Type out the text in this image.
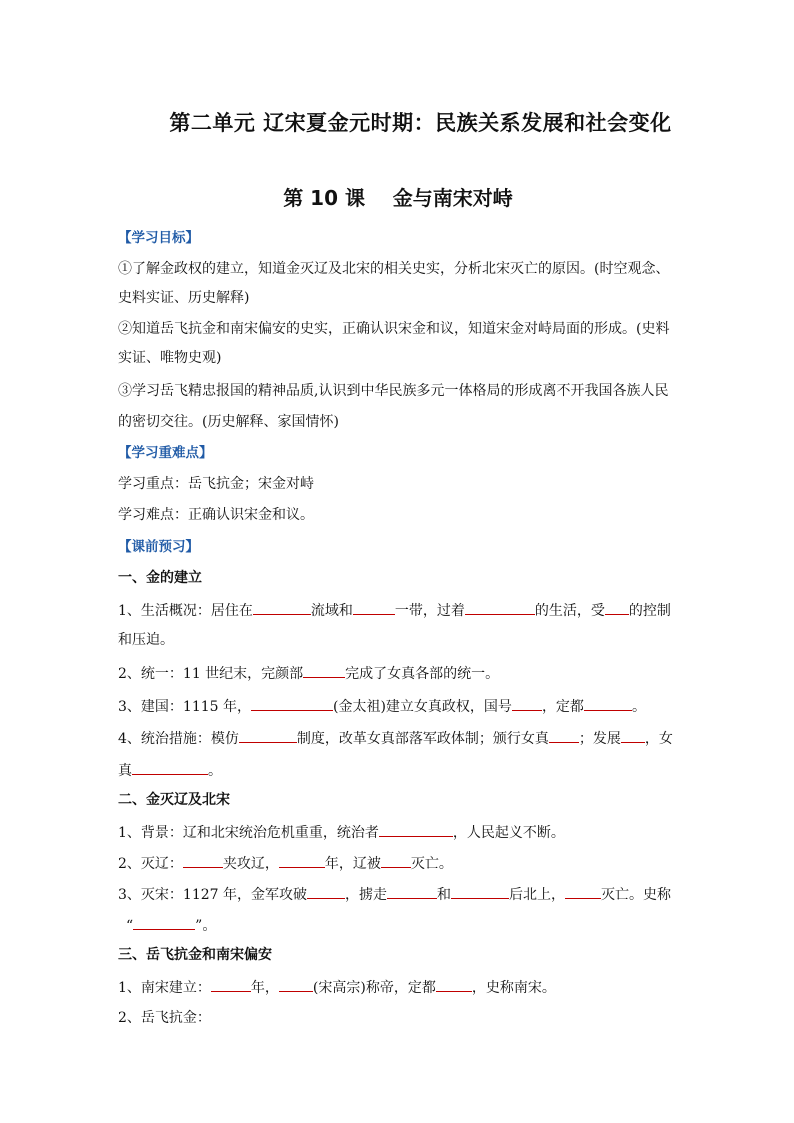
第二单元 辽宋夏金元时期：民族关系发展和社会变化
第 10 课    金与南宋对峙
【学习目标】
①了解金政权的建立，知道金灭辽及北宋的相关史实，分析北宋灭亡的原因。(时空观念、
史料实证、历史解释)
②知道岳飞抗金和南宋偏安的史实，正确认识宋金和议，知道宋金对峙局面的形成。(史料
实证、唯物史观)
③学习岳飞精忠报国的精神品质,认识到中华民族多元一体格局的形成离不开我国各族人民
的密切交往。(历史解释、家国情怀)
【学习重难点】
学习重点：岳飞抗金；宋金对峙
学习难点：正确认识宋金和议。
【课前预习】
一、金的建立
1、生活概况：居住在	流域和	一带，过着	的生活，受 的控制
和压迫。
2、统一：11 世纪末，完颜部	完成了女真各部的统一。
3、建国：1115 年，	(金太祖)建立女真政权，国号 ，定都	。
4、统治措施：模仿	制度，改革女真部落军政体制；颁行女真 ；发展 ，女
真	。
二、金灭辽及北宋
1、背景：辽和北宋统治危机重重，统治者	，人民起义不断。
2、灭辽：	夹攻辽，	年，辽被 灭亡。
3、灭宋：1127 年，金军攻破	，掳走	和	后北上，	灭亡。史称
“	”。
三、岳飞抗金和南宋偏安
1、南宋建立：	年， (宋高宗)称帝，定都	，史称南宋。
2、岳飞抗金：
